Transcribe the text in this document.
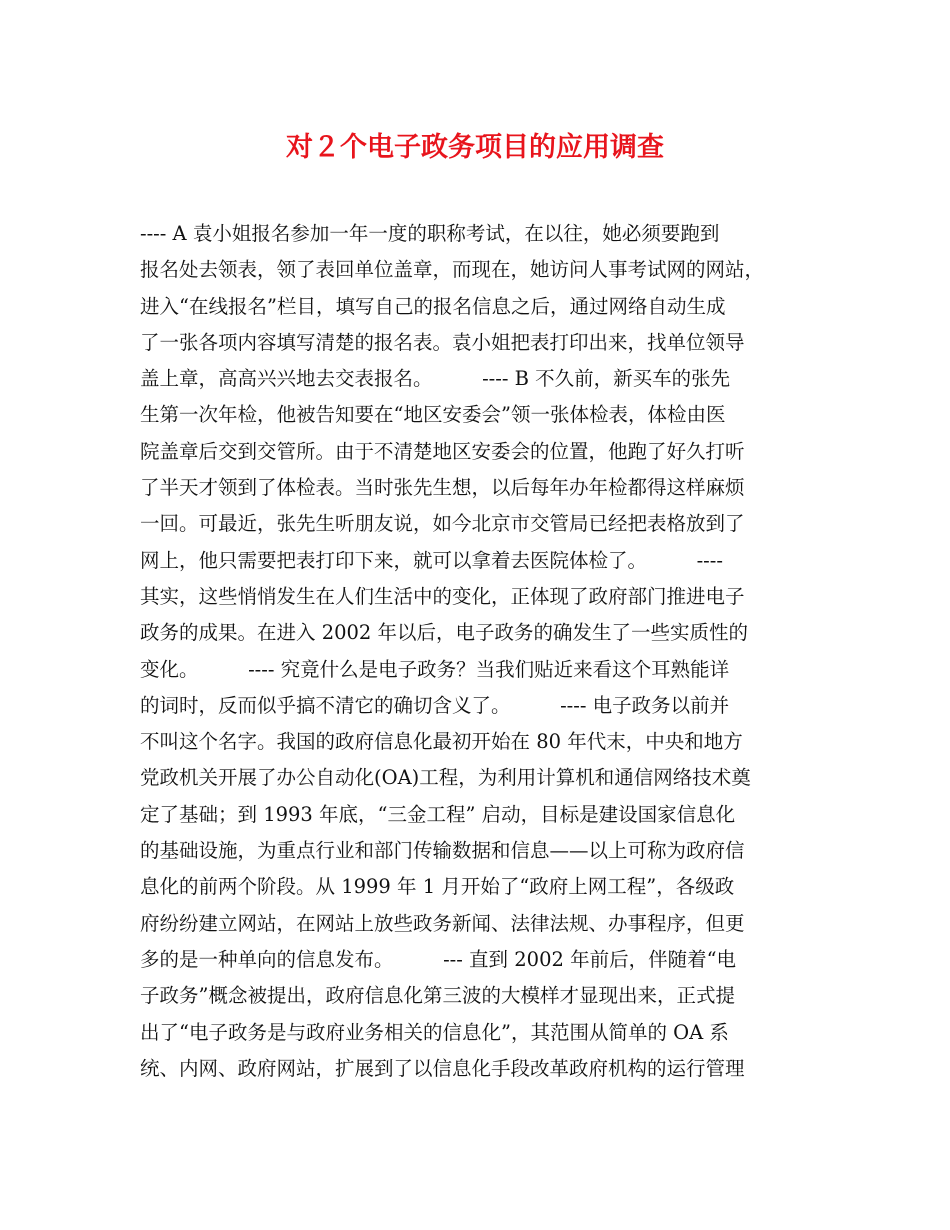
对２个电子政务项目的应用调查
---- A 袁小姐报名参加一年一度的职称考试，在以往，她必须要跑到
报名处去领表，领了表回单位盖章，而现在，她访问人事考试网的网站，
进入“在线报名”栏目，填写自己的报名信息之后，通过网络自动生成
了一张各项内容填写清楚的报名表。袁小姐把表打印出来，找单位领导
盖上章，高高兴兴地去交表报名。        ---- B 不久前，新买车的张先
生第一次年检，他被告知要在“地区安委会”领一张体检表，体检由医
院盖章后交到交管所。由于不清楚地区安委会的位置，他跑了好久打听
了半天才领到了体检表。当时张先生想，以后每年办年检都得这样麻烦
一回。可最近，张先生听朋友说，如今北京市交管局已经把表格放到了
网上，他只需要把表打印下来，就可以拿着去医院体检了。        ----
其实，这些悄悄发生在人们生活中的变化，正体现了政府部门推进电子
政务的成果。在进入 2002 年以后，电子政务的确发生了一些实质性的
变化。        ---- 究竟什么是电子政务？当我们贴近来看这个耳熟能详
的词时，反而似乎搞不清它的确切含义了。        ---- 电子政务以前并
不叫这个名字。我国的政府信息化最初开始在 80 年代末，中央和地方
党政机关开展了办公自动化(OA)工程，为利用计算机和通信网络技术奠
定了基础；到 1993 年底，“三金工程” 启动，目标是建设国家信息化
的基础设施，为重点行业和部门传输数据和信息——以上可称为政府信
息化的前两个阶段。从 1999 年 1 月开始了“政府上网工程”，各级政
府纷纷建立网站，在网站上放些政务新闻、法律法规、办事程序，但更
多的是一种单向的信息发布。        --- 直到 2002 年前后，伴随着“电
子政务”概念被提出，政府信息化第三波的大模样才显现出来，正式提
出了“电子政务是与政府业务相关的信息化”，其范围从简单的 OA 系
统、内网、政府网站，扩展到了以信息化手段改革政府机构的运行管理
